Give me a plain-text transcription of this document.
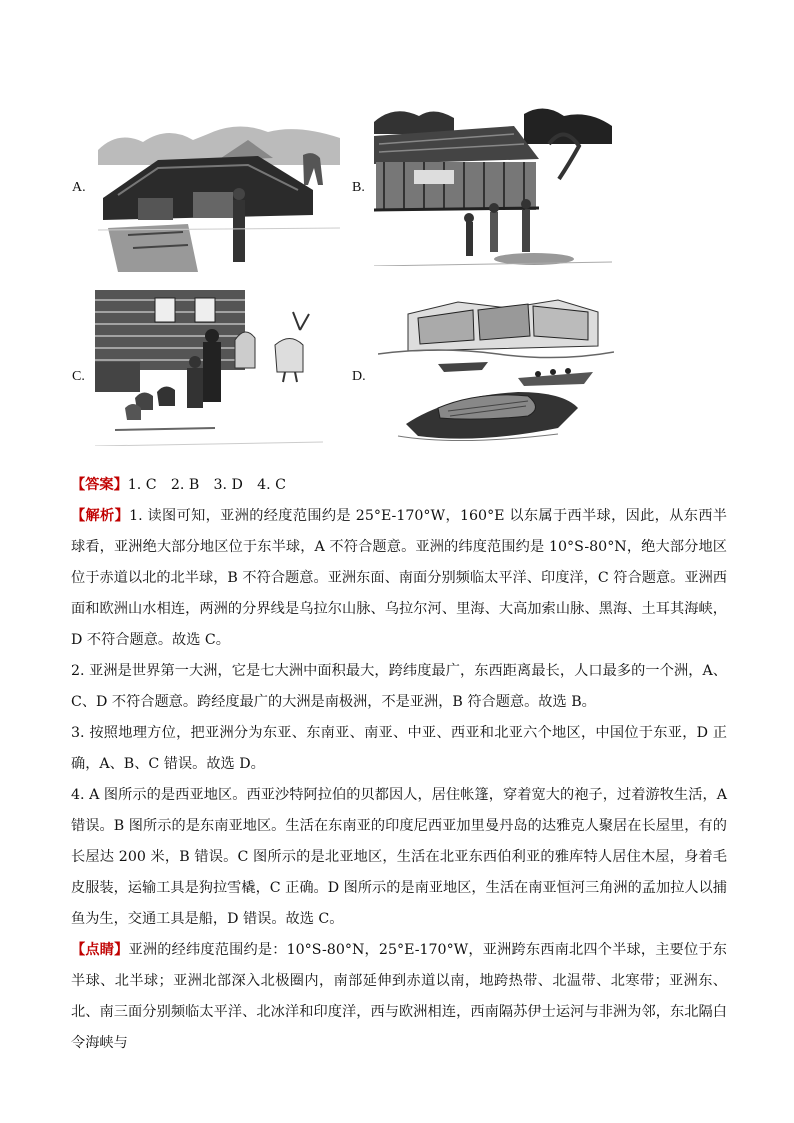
A.	B.
C.	D.

【答案】1. C　2. B　3. D　4. C

【解析】1. 读图可知，亚洲的经度范围约是 25°E-170°W，160°E 以东属于西半球，因此，从东西半球看，亚洲绝大部分地区位于东半球，A 不符合题意。亚洲的纬度范围约是 10°S-80°N，绝大部分地区位于赤道以北的北半球，B 不符合题意。亚洲东面、南面分别频临太平洋、印度洋，C 符合题意。亚洲西面和欧洲山水相连，两洲的分界线是乌拉尔山脉、乌拉尔河、里海、大高加索山脉、黑海、土耳其海峡，D 不符合题意。故选 C。

2. 亚洲是世界第一大洲，它是七大洲中面积最大，跨纬度最广，东西距离最长，人口最多的一个洲，A、C、D 不符合题意。跨经度最广的大洲是南极洲，不是亚洲，B 符合题意。故选 B。

3. 按照地理方位，把亚洲分为东亚、东南亚、南亚、中亚、西亚和北亚六个地区，中国位于东亚，D 正确，A、B、C 错误。故选 D。

4. A 图所示的是西亚地区。西亚沙特阿拉伯的贝都因人，居住帐篷，穿着宽大的袍子，过着游牧生活，A 错误。B 图所示的是东南亚地区。生活在东南亚的印度尼西亚加里曼丹岛的达雅克人聚居在长屋里，有的长屋达 200 米，B 错误。C 图所示的是北亚地区，生活在北亚东西伯利亚的雅库特人居住木屋，身着毛皮服装，运输工具是狗拉雪橇，C 正确。D 图所示的是南亚地区，生活在南亚恒河三角洲的孟加拉人以捕鱼为生，交通工具是船，D 错误。故选 C。

【点睛】亚洲的经纬度范围约是：10°S-80°N，25°E-170°W，亚洲跨东西南北四个半球，主要位于东半球、北半球；亚洲北部深入北极圈内，南部延伸到赤道以南，地跨热带、北温带、北寒带；亚洲东、北、南三面分别频临太平洋、北冰洋和印度洋，西与欧洲相连，西南隔苏伊士运河与非洲为邻，东北隔白令海峡与
